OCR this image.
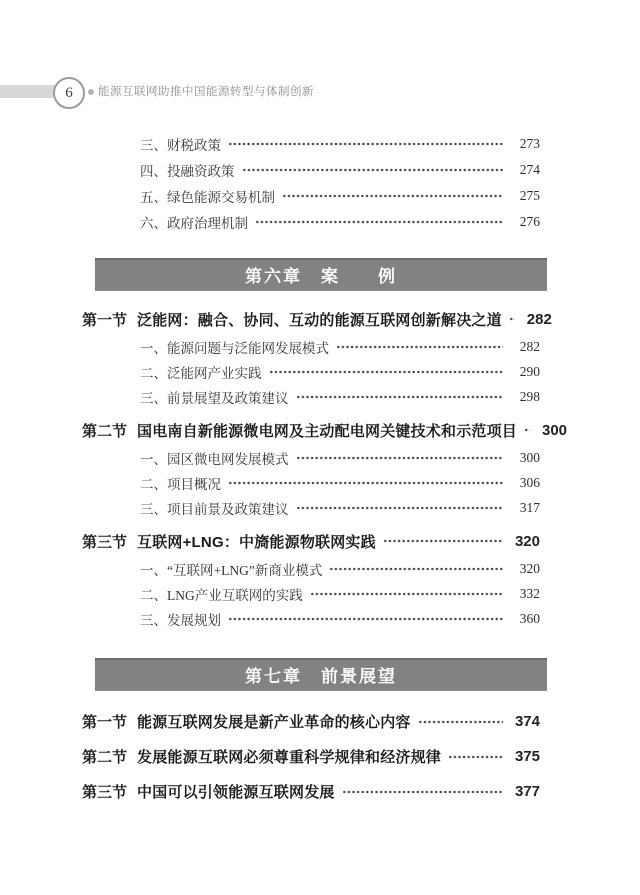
6 能源互联网助推中国能源转型与体制创新
三、财税政策	273
四、投融资政策	274
五、绿色能源交易机制	275
六、政府治理机制	276
第六章　案　　例
第一节 泛能网：融合、协同、互动的能源互联网创新解决之道	282
一、能源问题与泛能网发展模式	282
二、泛能网产业实践	290
三、前景展望及政策建议	298
第二节 国电南自新能源微电网及主动配电网关键技术和示范项目	300
一、园区微电网发展模式	300
二、项目概况	306
三、项目前景及政策建议	317
第三节 互联网+LNG：中旖能源物联网实践	320
一、“互联网+LNG”新商业模式	320
二、LNG产业互联网的实践	332
三、发展规划	360
第七章　前景展望
第一节 能源互联网发展是新产业革命的核心内容	374
第二节 发展能源互联网必须尊重科学规律和经济规律	375
第三节 中国可以引领能源互联网发展	377
